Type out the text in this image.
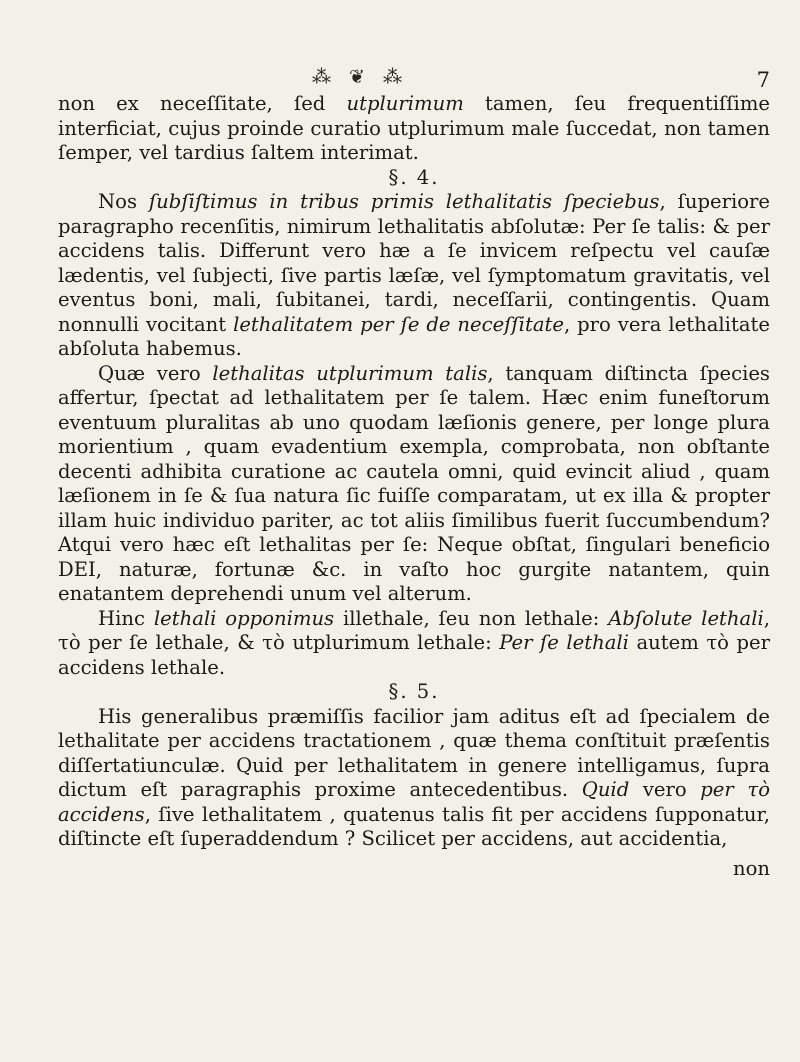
⁂ ❦ ⁂	7

non ex neceſſitate, ſed utplurimum tamen, ſeu frequentiſſime interficiat, cujus proinde curatio utplurimum male ſuccedat, non tamen ſemper, vel tardius ſaltem interimat.

§. 4.

Nos ſubſiſtimus in tribus primis lethalitatis ſpeciebus, ſuperiore paragrapho recenſitis, nimirum lethalitatis abſolutæ: Per ſe talis: & per accidens talis. Differunt vero hæ a ſe invicem reſpectu vel cauſæ lædentis, vel ſubjecti, ſive partis læſæ, vel ſymptomatum gravitatis, vel eventus boni, mali, ſubitanei, tardi, neceſſarii, contingentis. Quam nonnulli vocitant lethalitatem per ſe de neceſſitate, pro vera lethalitate abſoluta habemus.

Quæ vero lethalitas utplurimum talis, tanquam diſtincta ſpecies affertur, ſpectat ad lethalitatem per ſe talem. Hæc enim funeſtorum eventuum pluralitas ab uno quodam læſionis genere, per longe plura morientium , quam evadentium exempla, comprobata, non obſtante decenti adhibita curatione ac cautela omni, quid evincit aliud , quam læſionem in ſe & ſua natura ſic fuiſſe comparatam, ut ex illa & propter illam huic individuo pariter, ac tot aliis ſimilibus fuerit ſuccumbendum? Atqui vero hæc eſt lethalitas per ſe: Neque obſtat, ſingulari beneficio DEI, naturæ, fortunæ &c. in vaſto hoc gurgite natantem, quin enatantem deprehendi unum vel alterum.

Hinc lethali opponimus illethale, ſeu non lethale: Abſolute lethali, τὸ per ſe lethale, & τὸ utplurimum lethale: Per ſe lethali autem τὸ per accidens lethale.

§. 5.

His generalibus præmiſſis facilior jam aditus eſt ad ſpecialem de lethalitate per accidens tractationem , quæ thema conſtituit præſentis diſſertatiunculæ. Quid per lethalitatem in genere intelligamus, ſupra dictum eſt paragraphis proxime antecedentibus. Quid vero per τὸ accidens, ſive lethalitatem , quatenus talis fit per accidens ſupponatur, diſtincte eſt ſuperaddendum ? Scilicet per accidens, aut accidentia,

non
